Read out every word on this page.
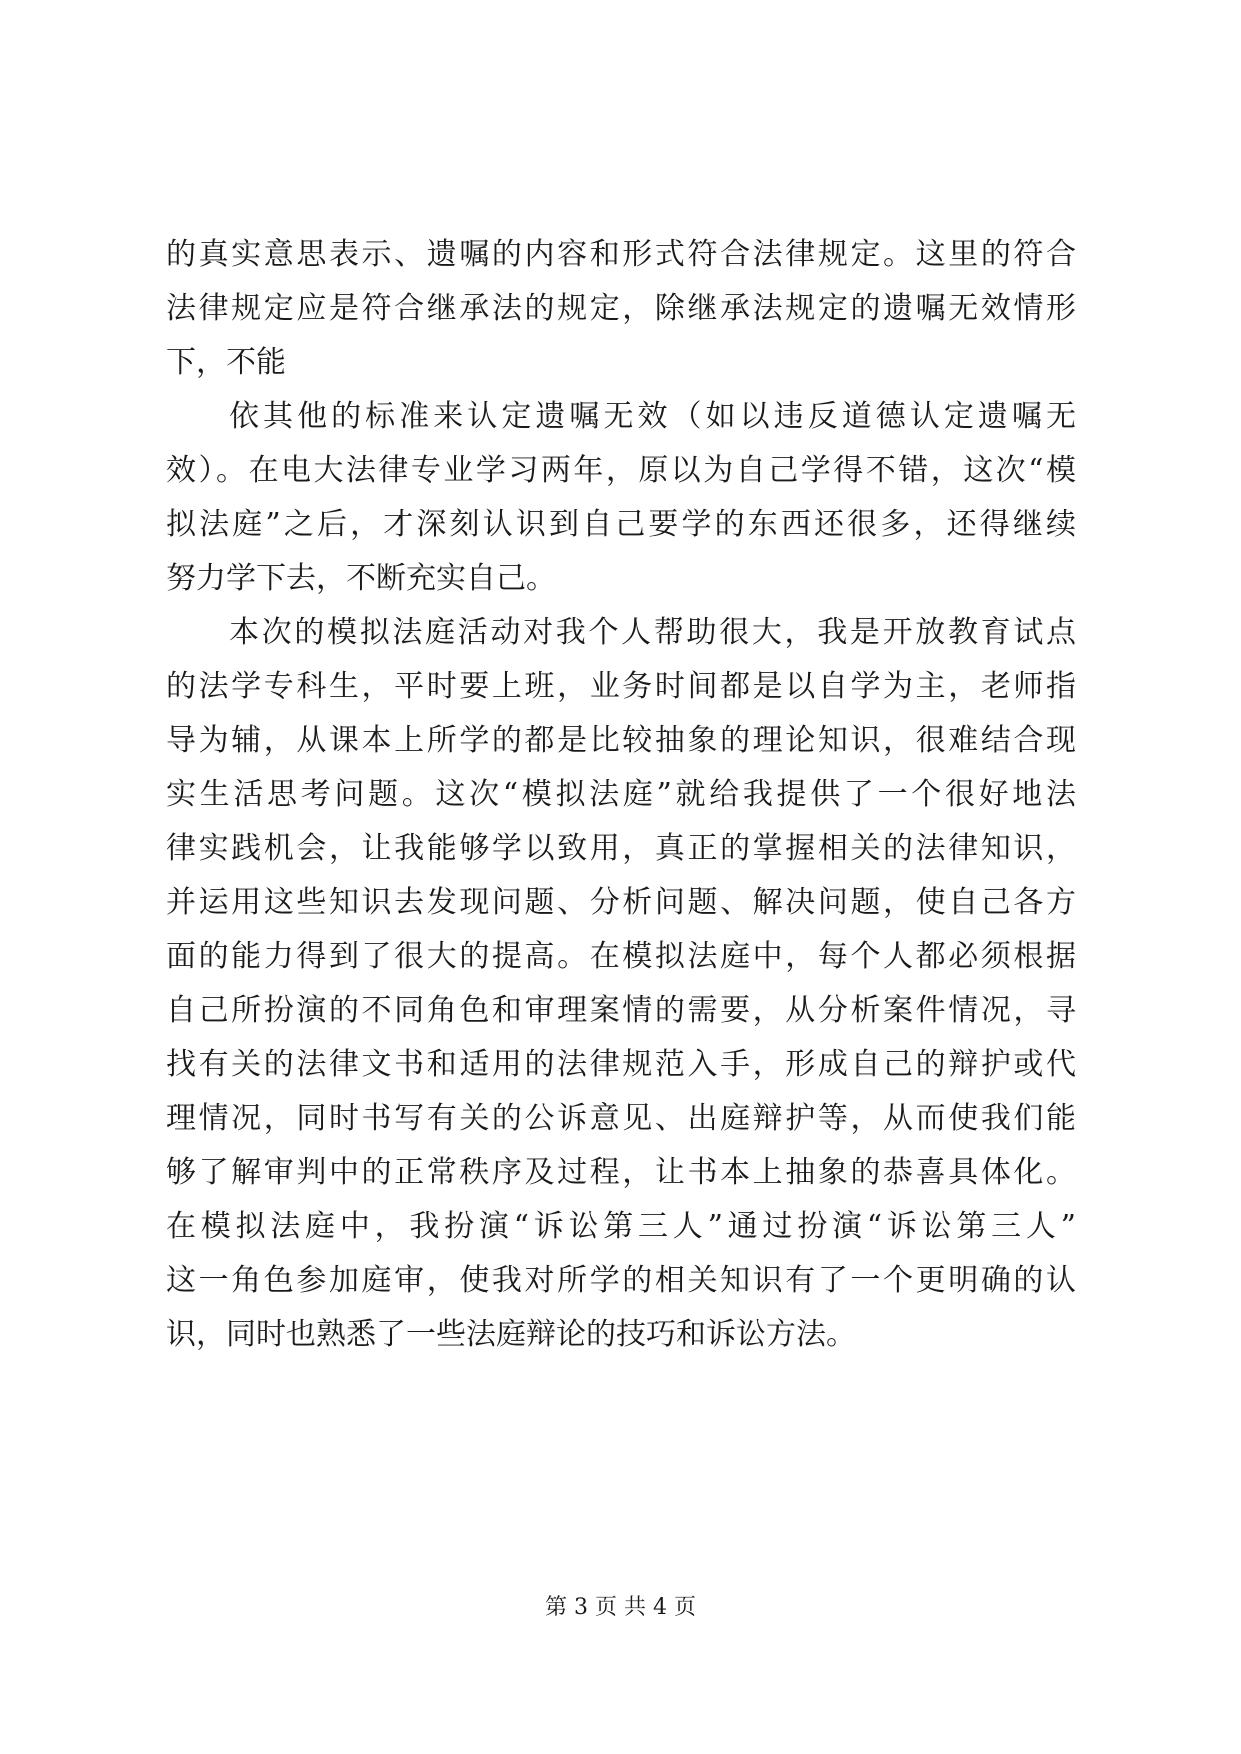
的真实意思表示、遗嘱的内容和形式符合法律规定。这里的符合
法律规定应是符合继承法的规定，除继承法规定的遗嘱无效情形
下，不能
依其他的标准来认定遗嘱无效（如以违反道德认定遗嘱无
效）。在电大法律专业学习两年，原以为自己学得不错，这次“模
拟法庭”之后，才深刻认识到自己要学的东西还很多，还得继续
努力学下去，不断充实自己。
本次的模拟法庭活动对我个人帮助很大，我是开放教育试点
的法学专科生，平时要上班，业务时间都是以自学为主，老师指
导为辅，从课本上所学的都是比较抽象的理论知识，很难结合现
实生活思考问题。这次“模拟法庭”就给我提供了一个很好地法
律实践机会，让我能够学以致用，真正的掌握相关的法律知识，
并运用这些知识去发现问题、分析问题、解决问题，使自己各方
面的能力得到了很大的提高。在模拟法庭中，每个人都必须根据
自己所扮演的不同角色和审理案情的需要，从分析案件情况，寻
找有关的法律文书和适用的法律规范入手，形成自己的辩护或代
理情况，同时书写有关的公诉意见、出庭辩护等，从而使我们能
够了解审判中的正常秩序及过程，让书本上抽象的恭喜具体化。
在模拟法庭中，我扮演“诉讼第三人”通过扮演“诉讼第三人”
这一角色参加庭审，使我对所学的相关知识有了一个更明确的认
识，同时也熟悉了一些法庭辩论的技巧和诉讼方法。
第 3 页 共 4 页
